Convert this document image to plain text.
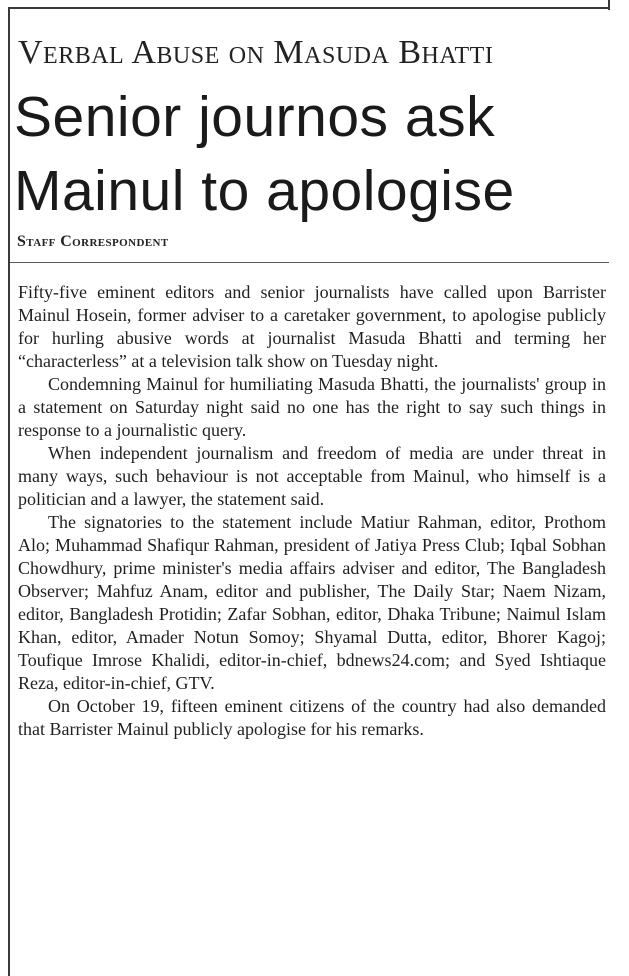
Verbal Abuse on Masuda Bhatti
Senior journos ask Mainul to apologise
Staff Correspondent

Fifty-five eminent editors and senior journalists have called upon Barrister Mainul Hosein, former adviser to a caretaker government, to apologise publicly for hurling abusive words at journalist Masuda Bhatti and terming her “characterless” at a television talk show on Tuesday night.

Condemning Mainul for humiliating Masuda Bhatti, the journalists' group in a statement on Saturday night said no one has the right to say such things in response to a journalistic query.

When independent journalism and freedom of media are under threat in many ways, such behaviour is not acceptable from Mainul, who himself is a politician and a lawyer, the statement said.

The signatories to the statement include Matiur Rahman, editor, Prothom Alo; Muhammad Shafiqur Rahman, president of Jatiya Press Club; Iqbal Sobhan Chowdhury, prime minister's media affairs adviser and editor, The Bangladesh Observer; Mahfuz Anam, editor and publisher, The Daily Star; Naem Nizam, editor, Bangladesh Protidin; Zafar Sobhan, editor, Dhaka Tribune; Naimul Islam Khan, editor, Amader Notun Somoy; Shyamal Dutta, editor, Bhorer Kagoj; Toufique Imrose Khalidi, editor-in-chief, bdnews24.com; and Syed Ishtiaque Reza, editor-in-chief, GTV.

On October 19, fifteen eminent citizens of the country had also demanded that Barrister Mainul publicly apologise for his remarks.
